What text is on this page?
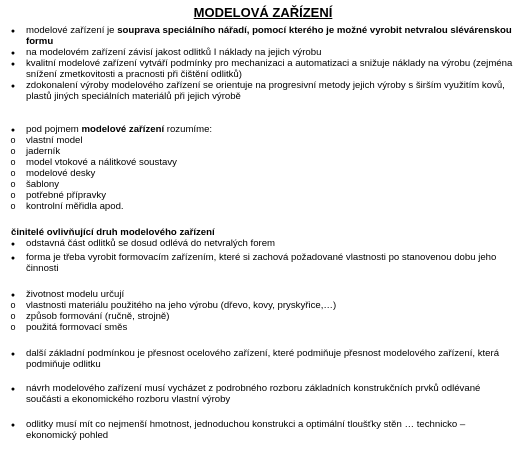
MODELOVÁ ZAŘÍZENÍ
●
modelové zařízení je souprava speciálního nářadí, pomocí kterého je možné vyrobit netvralou slévárenskou formu
●
na modelovém zařízení závisí jakost odlitků I náklady na jejich výrobu
●
kvalitní modelové zařízení vytváří podmínky pro mechanizaci a automatizaci a snižuje náklady na výrobu (zejména snížení zmetkovitosti a pracnosti při čištění odlitků)
●
zdokonalení výroby modelového zařízení se orientuje na progresivní metody jejich výroby s širším využitím kovů, plastů jiných speciálních materiálů při jejich výrobě
●
pod pojmem modelové zařízení rozumíme:
o
vlastní model
o
jaderník
o
model vtokové a nálitkové soustavy
o
modelové desky
o
šablony
o
potřebné přípravky
o
kontrolní měřidla apod.
činitelé ovlivňující druh modelového zařízení
●
odstavná část odlitků se dosud odlévá do netvralých forem
●
forma je třeba vyrobit formovacím zařízením, které si zachová požadované vlastnosti po stanovenou dobu jeho činnosti
●
životnost modelu určují
o
vlastnosti materiálu použitého na jeho výrobu (dřevo, kovy, pryskyřice,…)
o
způsob formování (ručně, strojně)
o
použitá formovací směs
●
další základní podmínkou je přesnost ocelového zařízení, které podmiňuje přesnost modelového zařízení, která podmiňuje odlitku
●
návrh modelového zařízení musí vycházet z podrobného rozboru základních konstrukčních prvků odlévané součásti a ekonomického rozboru vlastní výroby
●
odlitky musí mít co nejmenší hmotnost, jednoduchou konstrukci a optimální tloušťky stěn … technicko – ekonomický pohled
